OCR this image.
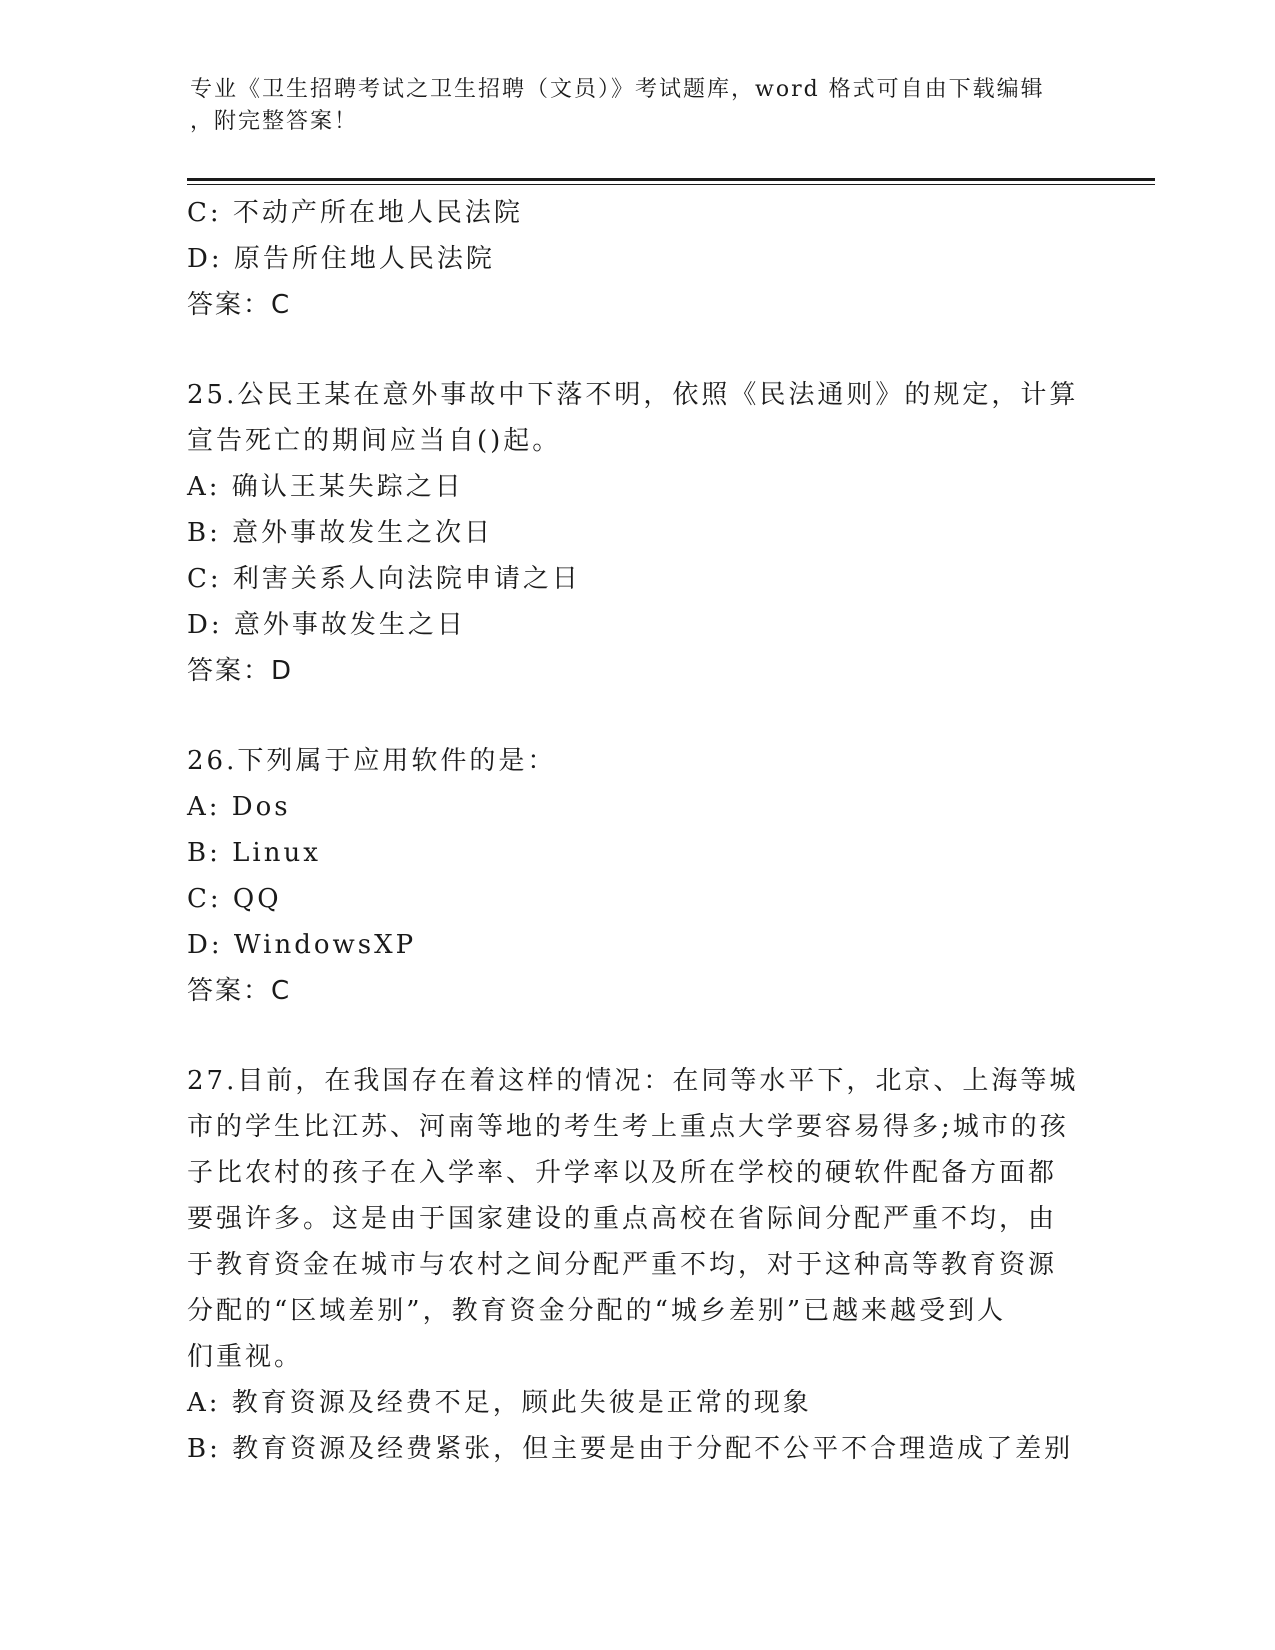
专业《卫生招聘考试之卫生招聘（文员）》考试题库，word 格式可自由下载编辑
，附完整答案！
C: 不动产所在地人民法院
D: 原告所住地人民法院
答案：C
25.公民王某在意外事故中下落不明，依照《民法通则》的规定，计算
宣告死亡的期间应当自()起。
A: 确认王某失踪之日
B: 意外事故发生之次日
C: 利害关系人向法院申请之日
D: 意外事故发生之日
答案：D
26.下列属于应用软件的是：
A: Dos
B: Linux
C: QQ
D: WindowsXP
答案：C
27.目前，在我国存在着这样的情况：在同等水平下，北京、上海等城
市的学生比江苏、河南等地的考生考上重点大学要容易得多;城市的孩
子比农村的孩子在入学率、升学率以及所在学校的硬软件配备方面都
要强许多。这是由于国家建设的重点高校在省际间分配严重不均，由
于教育资金在城市与农村之间分配严重不均，对于这种高等教育资源
分配的“区域差别”，教育资金分配的“城乡差别”已越来越受到人
们重视。
A: 教育资源及经费不足，顾此失彼是正常的现象
B: 教育资源及经费紧张，但主要是由于分配不公平不合理造成了差别
